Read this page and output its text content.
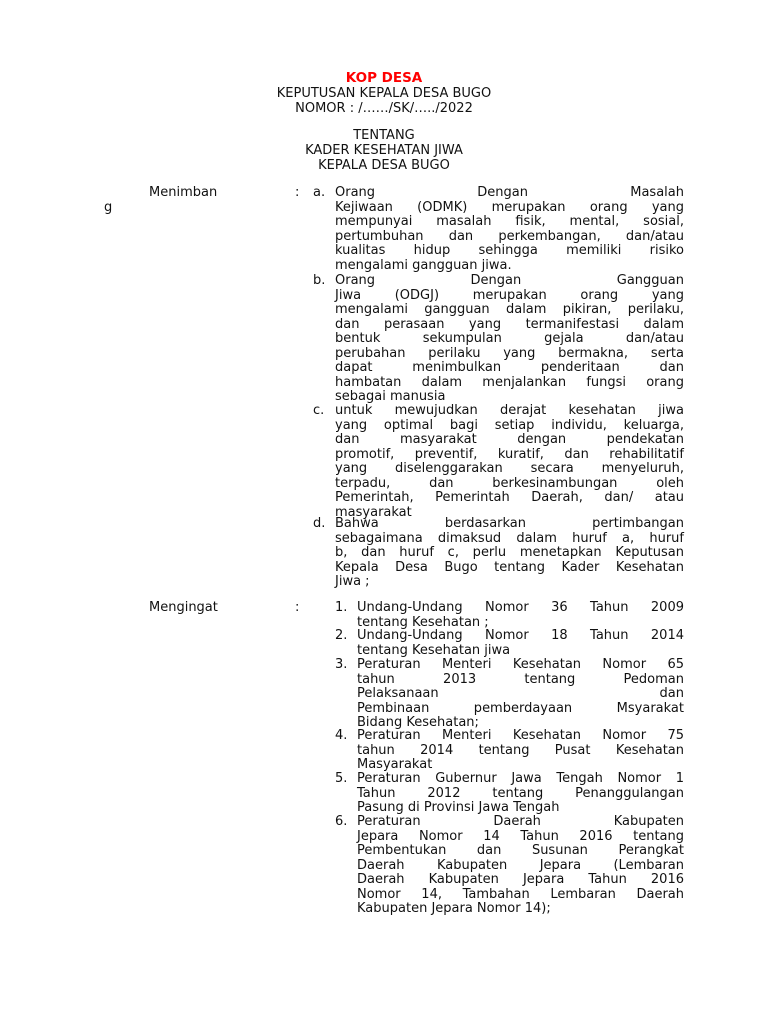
KOP DESA
KEPUTUSAN KEPALA DESA BUGO
NOMOR : /……/SK/…../2022
TENTANG
KADER KESEHATAN JIWA
KEPALA DESA BUGO
Menimban
g
: a. Orang Dengan Masalah
Kejiwaan (ODMK) merupakan orang yang
mempunyai masalah fisik, mental, sosial,
pertumbuhan dan perkembangan, dan/atau
kualitas hidup sehingga memiliki risiko
mengalami gangguan jiwa.
b. Orang Dengan Gangguan
Jiwa (ODGJ) merupakan orang yang
mengalami gangguan dalam pikiran, perilaku,
dan perasaan yang termanifestasi dalam
bentuk sekumpulan gejala dan/atau
perubahan perilaku yang bermakna, serta
dapat menimbulkan penderitaan dan
hambatan dalam menjalankan fungsi orang
sebagai manusia
c. untuk mewujudkan derajat kesehatan jiwa
yang optimal bagi setiap individu, keluarga,
dan masyarakat dengan pendekatan
promotif, preventif, kuratif, dan rehabilitatif
yang diselenggarakan secara menyeluruh,
terpadu, dan berkesinambungan oleh
Pemerintah, Pemerintah Daerah, dan/ atau
masyarakat
d. Bahwa berdasarkan pertimbangan
sebagaimana dimaksud dalam huruf a, huruf
b, dan huruf c, perlu menetapkan Keputusan
Kepala Desa Bugo tentang Kader Kesehatan
Jiwa ;
Mengingat	:	1. Undang-Undang Nomor 36 Tahun 2009
tentang Kesehatan ;
2. Undang-Undang Nomor 18 Tahun 2014
tentang Kesehatan jiwa
3. Peraturan Menteri Kesehatan Nomor 65
tahun 2013 tentang Pedoman
Pelaksanaan dan
Pembinaan pemberdayaan Msyarakat
Bidang Kesehatan;
4. Peraturan Menteri Kesehatan Nomor 75
tahun 2014 tentang Pusat Kesehatan
Masyarakat
5. Peraturan Gubernur Jawa Tengah Nomor 1
Tahun 2012 tentang Penanggulangan
Pasung di Provinsi Jawa Tengah
6. Peraturan Daerah Kabupaten
Jepara Nomor 14 Tahun 2016 tentang
Pembentukan dan Susunan Perangkat
Daerah Kabupaten Jepara (Lembaran
Daerah Kabupaten Jepara Tahun 2016
Nomor 14, Tambahan Lembaran Daerah
Kabupaten Jepara Nomor 14);
